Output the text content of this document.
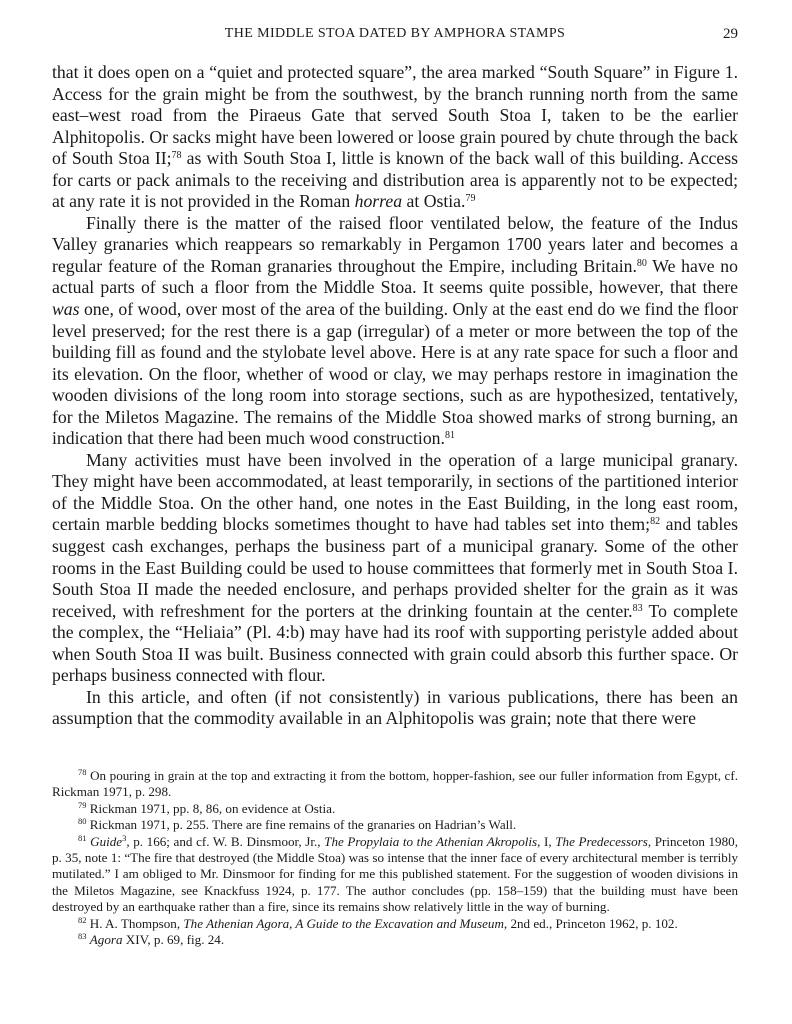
THE MIDDLE STOA DATED BY AMPHORA STAMPS	29

that it does open on a “quiet and protected square”, the area marked “South Square” in Figure 1. Access for the grain might be from the southwest, by the branch running north from the same east–west road from the Piraeus Gate that served South Stoa I, taken to be the earlier Alphitopolis. Or sacks might have been lowered or loose grain poured by chute through the back of South Stoa II;$^{78}$ as with South Stoa I, little is known of the back wall of this building. Access for carts or pack animals to the receiving and distribution area is apparently not to be expected; at any rate it is not provided in the Roman horrea at Ostia.$^{79}$

Finally there is the matter of the raised floor ventilated below, the feature of the Indus Valley granaries which reappears so remarkably in Pergamon 1700 years later and becomes a regular feature of the Roman granaries throughout the Empire, including Britain.$^{80}$ We have no actual parts of such a floor from the Middle Stoa. It seems quite possible, however, that there was one, of wood, over most of the area of the building. Only at the east end do we find the floor level preserved; for the rest there is a gap (irregular) of a meter or more between the top of the building fill as found and the stylobate level above. Here is at any rate space for such a floor and its elevation. On the floor, whether of wood or clay, we may perhaps restore in imagination the wooden divisions of the long room into storage sections, such as are hypothesized, tentatively, for the Miletos Magazine. The remains of the Middle Stoa showed marks of strong burning, an indication that there had been much wood construction.$^{81}$

Many activities must have been involved in the operation of a large municipal granary. They might have been accommodated, at least temporarily, in sections of the partitioned interior of the Middle Stoa. On the other hand, one notes in the East Building, in the long east room, certain marble bedding blocks sometimes thought to have had tables set into them;$^{82}$ and tables suggest cash exchanges, perhaps the business part of a municipal granary. Some of the other rooms in the East Building could be used to house committees that formerly met in South Stoa I. South Stoa II made the needed enclosure, and perhaps provided shelter for the grain as it was received, with refreshment for the porters at the drinking fountain at the center.$^{83}$ To complete the complex, the “Heliaia” (Pl. 4:b) may have had its roof with supporting peristyle added about when South Stoa II was built. Business connected with grain could absorb this further space. Or perhaps business connected with flour.

In this article, and often (if not consistently) in various publications, there has been an assumption that the commodity available in an Alphitopolis was grain; note that there were

$^{78}$ On pouring in grain at the top and extracting it from the bottom, hopper-fashion, see our fuller information from Egypt, cf. Rickman 1971, p. 298.

$^{79}$ Rickman 1971, pp. 8, 86, on evidence at Ostia.

$^{80}$ Rickman 1971, p. 255. There are fine remains of the granaries on Hadrian’s Wall.

$^{81}$ Guide$^3$, p. 166; and cf. W. B. Dinsmoor, Jr., The Propylaia to the Athenian Akropolis, I, The Predecessors, Princeton 1980, p. 35, note 1: “The fire that destroyed (the Middle Stoa) was so intense that the inner face of every architectural member is terribly mutilated.” I am obliged to Mr. Dinsmoor for finding for me this published statement. For the suggestion of wooden divisions in the Miletos Magazine, see Knackfuss 1924, p. 177. The author concludes (pp. 158–159) that the building must have been destroyed by an earthquake rather than a fire, since its remains show relatively little in the way of burning.

$^{82}$ H. A. Thompson, The Athenian Agora, A Guide to the Excavation and Museum, 2nd ed., Princeton 1962, p. 102.

$^{83}$ Agora XIV, p. 69, fig. 24.
